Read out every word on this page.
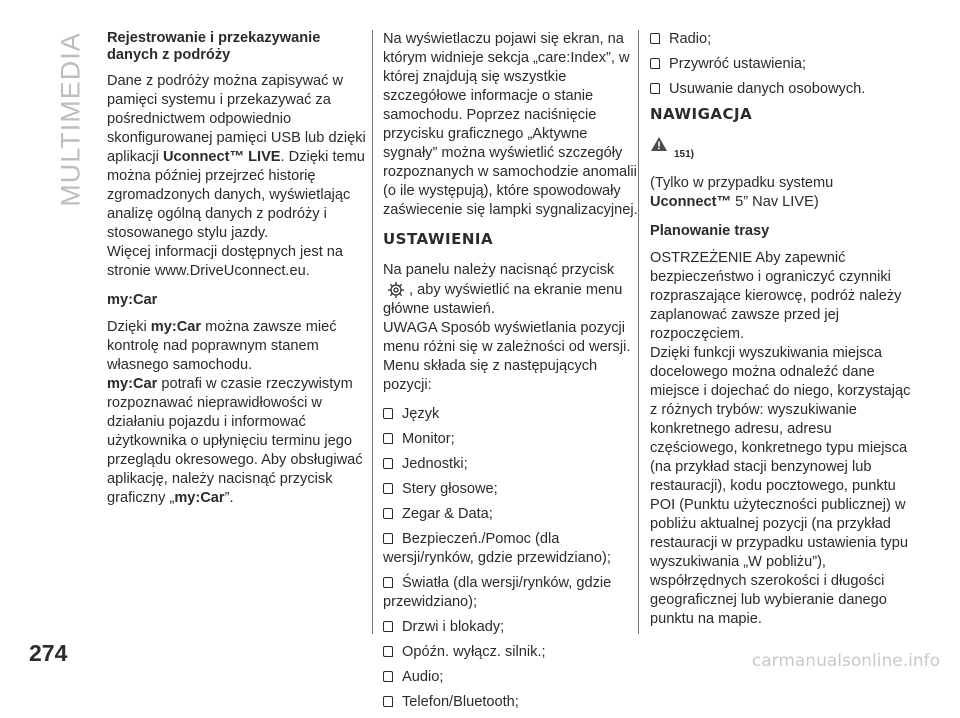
MULTIMEDIA Rejestrowanie i przekazywanie danych z podróży

Dane z podróży można zapisywać w pamięci systemu i przekazywać za pośrednictwem odpowiednio skonfigurowanej pamięci USB lub dzięki aplikacji Uconnect™ LIVE. Dzięki temu można później przejrzeć historię zgromadzonych danych, wyświetlając analizę ogólną danych z podróży i stosowanego stylu jazdy.
Więcej informacji dostępnych jest na stronie www.DriveUconnect.eu.

my:Car

Dzięki my:Car można zawsze mieć kontrolę nad poprawnym stanem własnego samochodu.
my:Car potrafi w czasie rzeczywistym rozpoznawać nieprawidłowości w działaniu pojazdu i informować użytkownika o upłynięciu terminu jego przeglądu okresowego. Aby obsługiwać aplikację, należy nacisnąć przycisk graficzny „my:Car”.

Na wyświetlaczu pojawi się ekran, na którym widnieje sekcja „care:Index”, w której znajdują się wszystkie szczegółowe informacje o stanie samochodu. Poprzez naciśnięcie przycisku graficznego „Aktywne sygnały” można wyświetlić szczegóły rozpoznanych w samochodzie anomalii (o ile występują), które spowodowały zaświecenie się lampki sygnalizacyjnej.

USTAWIENIA

Na panelu należy nacisnąć przycisk
, aby wyświetlić na ekranie menu główne ustawień.
UWAGA Sposób wyświetlania pozycji menu różni się w zależności od wersji.
Menu składa się z następujących pozycji:

Język
Monitor;
Jednostki;
Stery głosowe;
Zegar & Data;
Bezpieczeń./Pomoc (dla wersji/rynków, gdzie przewidziano);
Światła (dla wersji/rynków, gdzie przewidziano);
Drzwi i blokady;
Opóźn. wyłącz. silnik.;
Audio;
Telefon/Bluetooth;
Radio;
Przywróć ustawienia;
Usuwanie danych osobowych.
NAWIGACJA
151)

(Tylko w przypadku systemu
Uconnect™ 5” Nav LIVE)

Planowanie trasy

OSTRZEŻENIE Aby zapewnić bezpieczeństwo i ograniczyć czynniki rozpraszające kierowcę, podróż należy zaplanować zawsze przed jej rozpoczęciem.
Dzięki funkcji wyszukiwania miejsca docelowego można odnaleźć dane miejsce i dojechać do niego, korzystając z różnych trybów: wyszukiwanie konkretnego adresu, adresu częściowego, konkretnego typu miejsca (na przykład stacji benzynowej lub restauracji), kodu pocztowego, punktu POI (Punktu użyteczności publicznej) w pobliżu aktualnej pozycji (na przykład restauracji w przypadku ustawienia typu wyszukiwania „W pobliżu”), współrzędnych szerokości i długości geograficznej lub wybieranie danego punktu na mapie.

274	carmanualsonline.info
